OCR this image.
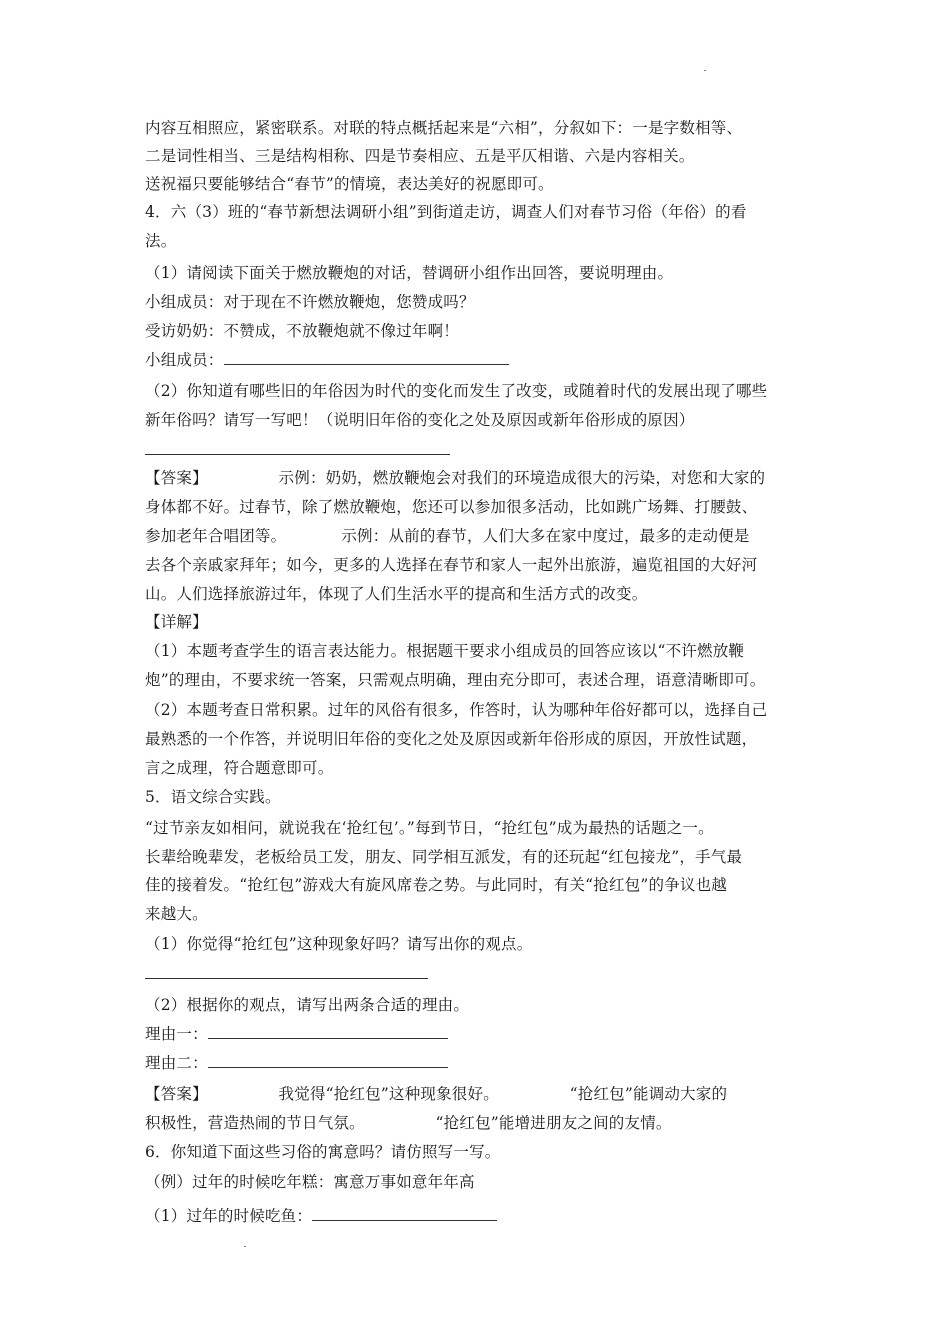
内容互相照应，紧密联系。对联的特点概括起来是“六相”，分叙如下：一是字数相等、
二是词性相当、三是结构相称、四是节奏相应、五是平仄相谐、六是内容相关。
送祝福只要能够结合“春节”的情境，表达美好的祝愿即可。
4．六（3）班的“春节新想法调研小组”到街道走访，调查人们对春节习俗（年俗）的看
法。
（1）请阅读下面关于燃放鞭炮的对话，替调研小组作出回答，要说明理由。
小组成员：对于现在不许燃放鞭炮，您赞成吗？
受访奶奶：不赞成，不放鞭炮就不像过年啊！
小组成员：
（2）你知道有哪些旧的年俗因为时代的变化而发生了改变，或随着时代的发展出现了哪些
新年俗吗？请写一写吧！（说明旧年俗的变化之处及原因或新年俗形成的原因）
【答案】　　　　　示例：奶奶，燃放鞭炮会对我们的环境造成很大的污染，对您和大家的
身体都不好。过春节，除了燃放鞭炮，您还可以参加很多活动，比如跳广场舞、打腰鼓、
参加老年合唱团等。　　　　示例：从前的春节，人们大多在家中度过，最多的走动便是
去各个亲戚家拜年；如今，更多的人选择在春节和家人一起外出旅游，遍览祖国的大好河
山。人们选择旅游过年，体现了人们生活水平的提高和生活方式的改变。
【详解】
（1）本题考查学生的语言表达能力。根据题干要求小组成员的回答应该以“不许燃放鞭
炮”的理由，不要求统一答案，只需观点明确，理由充分即可，表述合理，语意清晰即可。
（2）本题考查日常积累。过年的风俗有很多，作答时，认为哪种年俗好都可以，选择自己
最熟悉的一个作答，并说明旧年俗的变化之处及原因或新年俗形成的原因，开放性试题，
言之成理，符合题意即可。
5．语文综合实践。
“过节亲友如相问，就说我在‘抢红包’。”每到节日，“抢红包”成为最热的话题之一。
长辈给晚辈发，老板给员工发，朋友、同学相互派发，有的还玩起“红包接龙”，手气最
佳的接着发。“抢红包”游戏大有旋风席卷之势。与此同时，有关“抢红包”的争议也越
来越大。
（1）你觉得“抢红包”这种现象好吗？请写出你的观点。
（2）根据你的观点，请写出两条合适的理由。
理由一：
理由二：
【答案】　　　　　我觉得“抢红包”这种现象很好。　　　　　“抢红包”能调动大家的
积极性，营造热闹的节日气氛。　　　　　“抢红包”能增进朋友之间的友情。
6．你知道下面这些习俗的寓意吗？请仿照写一写。
（例）过年的时候吃年糕：寓意万事如意年年高
（1）过年的时候吃鱼：
